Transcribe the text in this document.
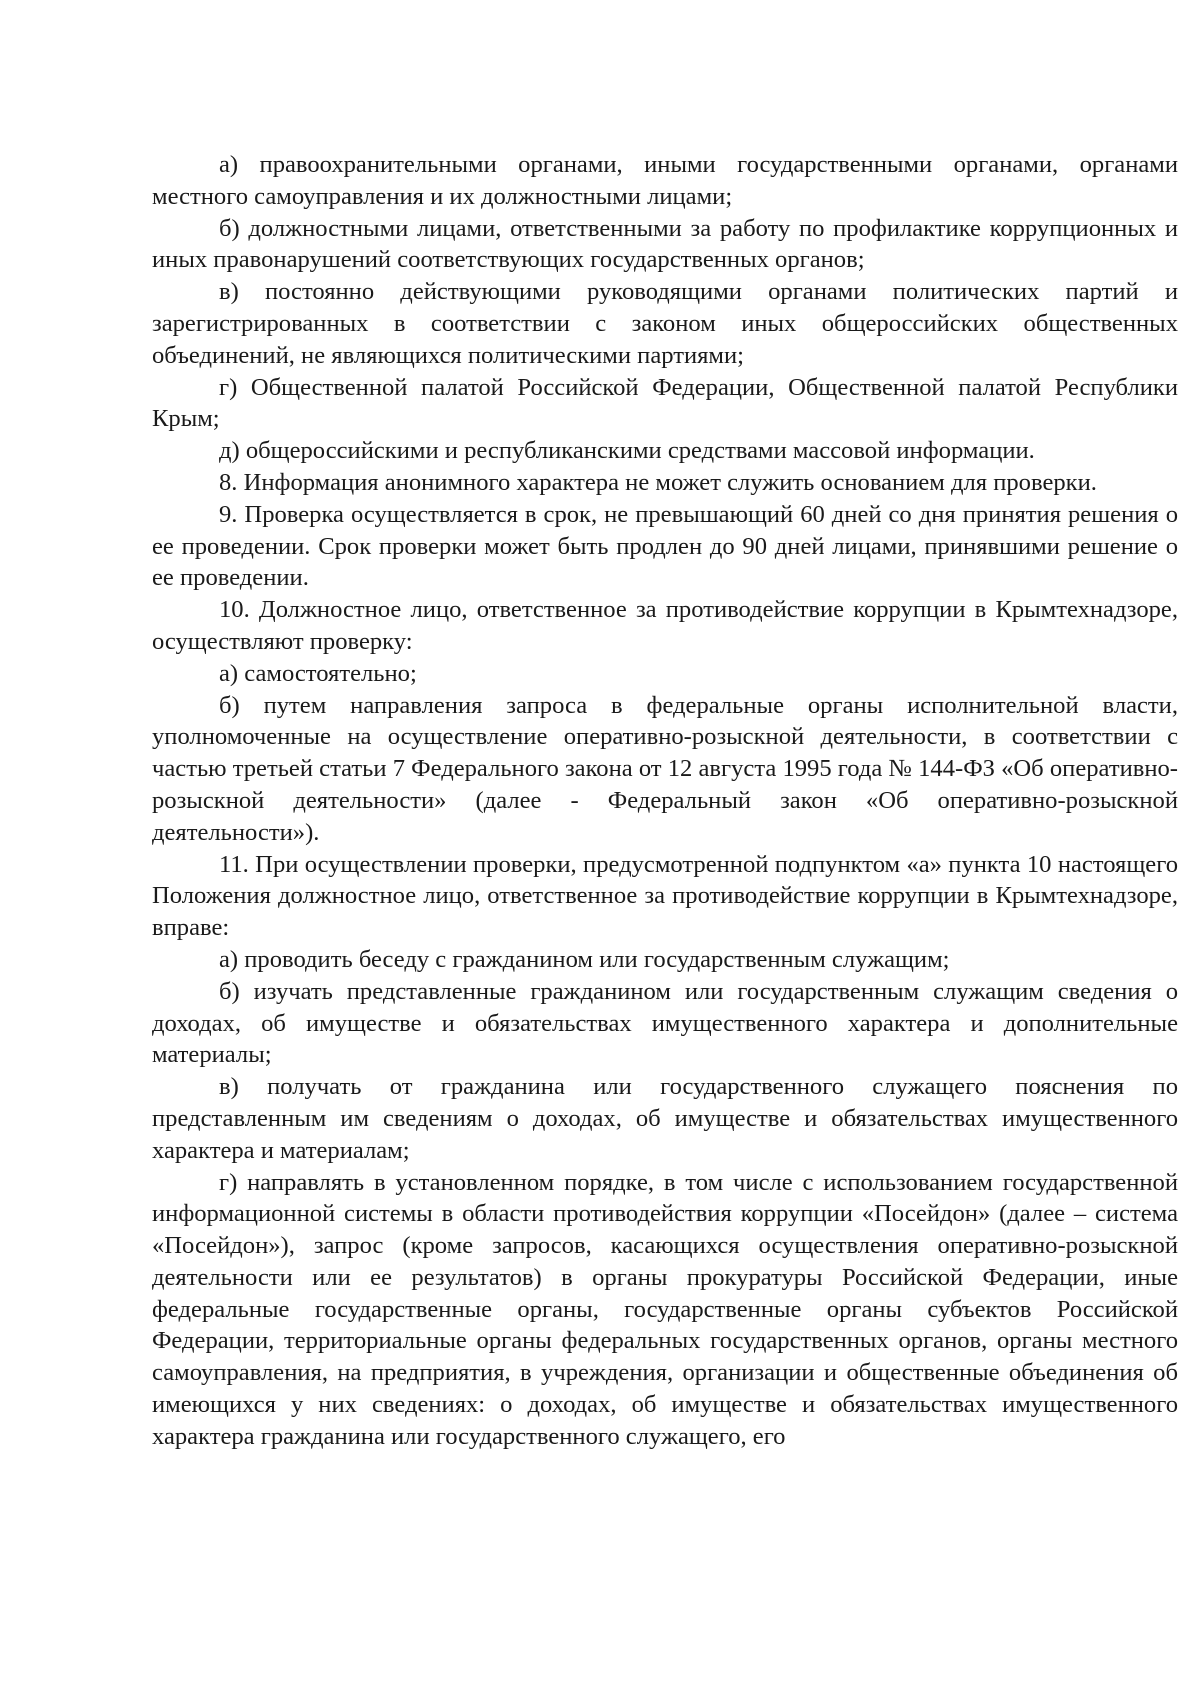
а) правоохранительными органами, иными государственными органами, органами местного самоуправления и их должностными лицами;

б) должностными лицами, ответственными за работу по профилактике коррупционных и иных правонарушений соответствующих государственных органов;

в) постоянно действующими руководящими органами политических партий и зарегистрированных в соответствии с законом иных общероссийских общественных объединений, не являющихся политическими партиями;

г) Общественной палатой Российской Федерации, Общественной палатой Республики Крым;

д) общероссийскими и республиканскими средствами массовой информации.

8. Информация анонимного характера не может служить основанием для проверки.

9. Проверка осуществляется в срок, не превышающий 60 дней со дня принятия решения о ее проведении. Срок проверки может быть продлен до 90 дней лицами, принявшими решение о ее проведении.

10. Должностное лицо, ответственное за противодействие коррупции в Крымтехнадзоре, осуществляют проверку:

а) самостоятельно;

б) путем направления запроса в федеральные органы исполнительной власти, уполномоченные на осуществление оперативно-розыскной деятельности, в соответствии с частью третьей статьи 7 Федерального закона от 12 августа 1995 года № 144-ФЗ «Об оперативно-розыскной деятельности» (далее - Федеральный закон «Об оперативно-розыскной деятельности»).

11. При осуществлении проверки, предусмотренной подпунктом «а» пункта 10 настоящего Положения должностное лицо, ответственное за противодействие коррупции в Крымтехнадзоре, вправе:

а) проводить беседу с гражданином или государственным служащим;

б) изучать представленные гражданином или государственным служащим сведения о доходах, об имуществе и обязательствах имущественного характера и дополнительные материалы;

в) получать от гражданина или государственного служащего пояснения по представленным им сведениям о доходах, об имуществе и обязательствах имущественного характера и материалам;

г) направлять в установленном порядке, в том числе с использованием государственной информационной системы в области противодействия коррупции «Посейдон» (далее – система «Посейдон»), запрос (кроме запросов, касающихся осуществления оперативно-розыскной деятельности или ее результатов) в органы прокуратуры Российской Федерации, иные федеральные государственные органы, государственные органы субъектов Российской Федерации, территориальные органы федеральных государственных органов, органы местного самоуправления, на предприятия, в учреждения, организации и общественные объединения об имеющихся у них сведениях: о доходах, об имуществе и обязательствах имущественного характера гражданина или государственного служащего, его
